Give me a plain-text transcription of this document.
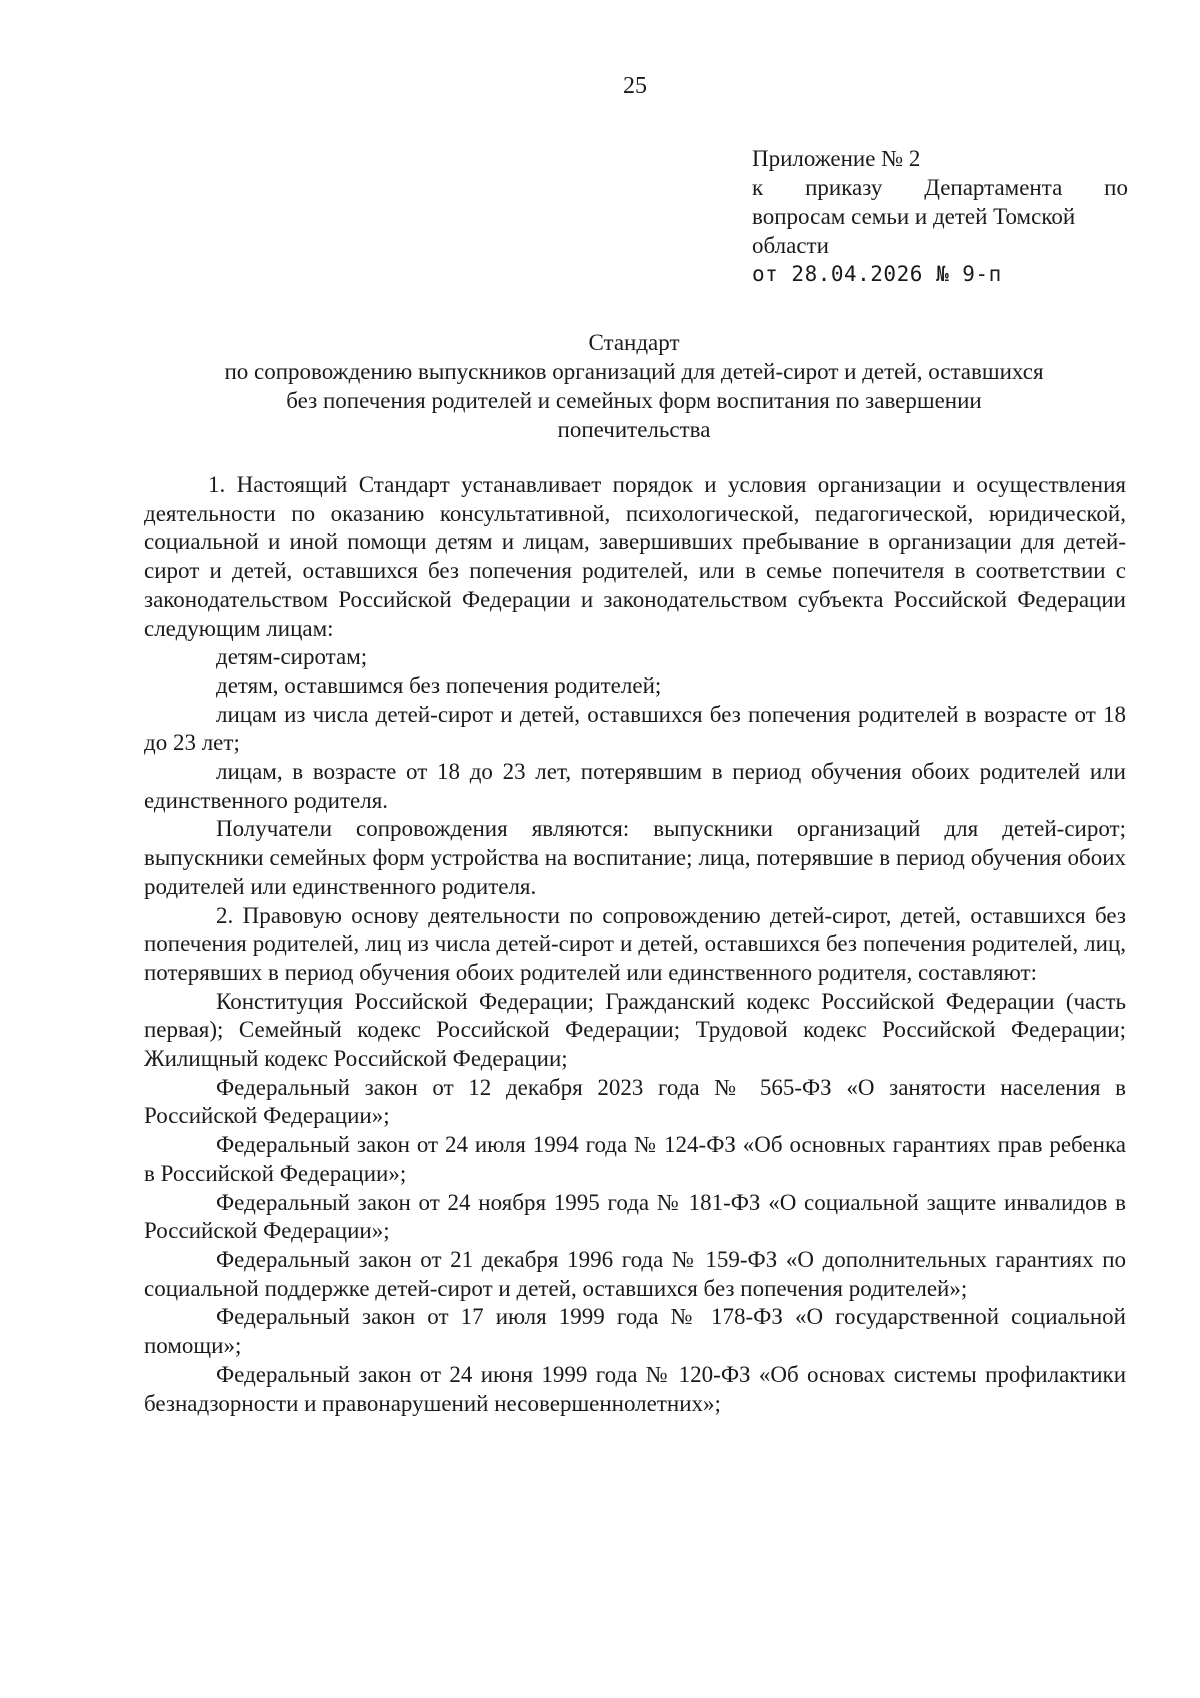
25
Приложение № 2
к приказу Департамента по
вопросам семьи и детей Томской
области
от 28.04.2026 № 9-п
Стандарт
по сопровождению выпускников организаций для детей-сирот и детей, оставшихся
без попечения родителей и семейных форм воспитания по завершении
попечительства

1. Настоящий Стандарт устанавливает порядок и условия организации и осуществления деятельности по оказанию консультативной, психологической, педагогической, юридической, социальной и иной помощи детям и лицам, завершивших пребывание в организации для детей-сирот и детей, оставшихся без попечения родителей, или в семье попечителя в соответствии с законодательством Российской Федерации и законодательством субъекта Российской Федерации следующим лицам:

детям-сиротам;

детям, оставшимся без попечения родителей;

лицам из числа детей-сирот и детей, оставшихся без попечения родителей в возрасте от 18 до 23 лет;

лицам, в возрасте от 18 до 23 лет, потерявшим в период обучения обоих родителей или единственного родителя.

Получатели сопровождения являются: выпускники организаций для детей-сирот; выпускники семейных форм устройства на воспитание; лица, потерявшие в период обучения обоих родителей или единственного родителя.

2. Правовую основу деятельности по сопровождению детей-сирот, детей, оставшихся без попечения родителей, лиц из числа детей-сирот и детей, оставшихся без попечения родителей, лиц, потерявших в период обучения обоих родителей или единственного родителя, составляют:

Конституция Российской Федерации; Гражданский кодекс Российской Федерации (часть первая); Семейный кодекс Российской Федерации; Трудовой кодекс Российской Федерации; Жилищный кодекс Российской Федерации;

Федеральный закон от 12 декабря 2023 года № 565-ФЗ «О занятости населения в Российской Федерации»;

Федеральный закон от 24 июля 1994 года № 124-ФЗ «Об основных гарантиях прав ребенка в Российской Федерации»;

Федеральный закон от 24 ноября 1995 года № 181-ФЗ «О социальной защите инвалидов в Российской Федерации»;

Федеральный закон от 21 декабря 1996 года № 159-ФЗ «О дополнительных гарантиях по социальной поддержке детей-сирот и детей, оставшихся без попечения родителей»;

Федеральный закон от 17 июля 1999 года № 178-ФЗ «О государственной социальной помощи»;

Федеральный закон от 24 июня 1999 года № 120-ФЗ «Об основах системы профилактики безнадзорности и правонарушений несовершеннолетних»;
